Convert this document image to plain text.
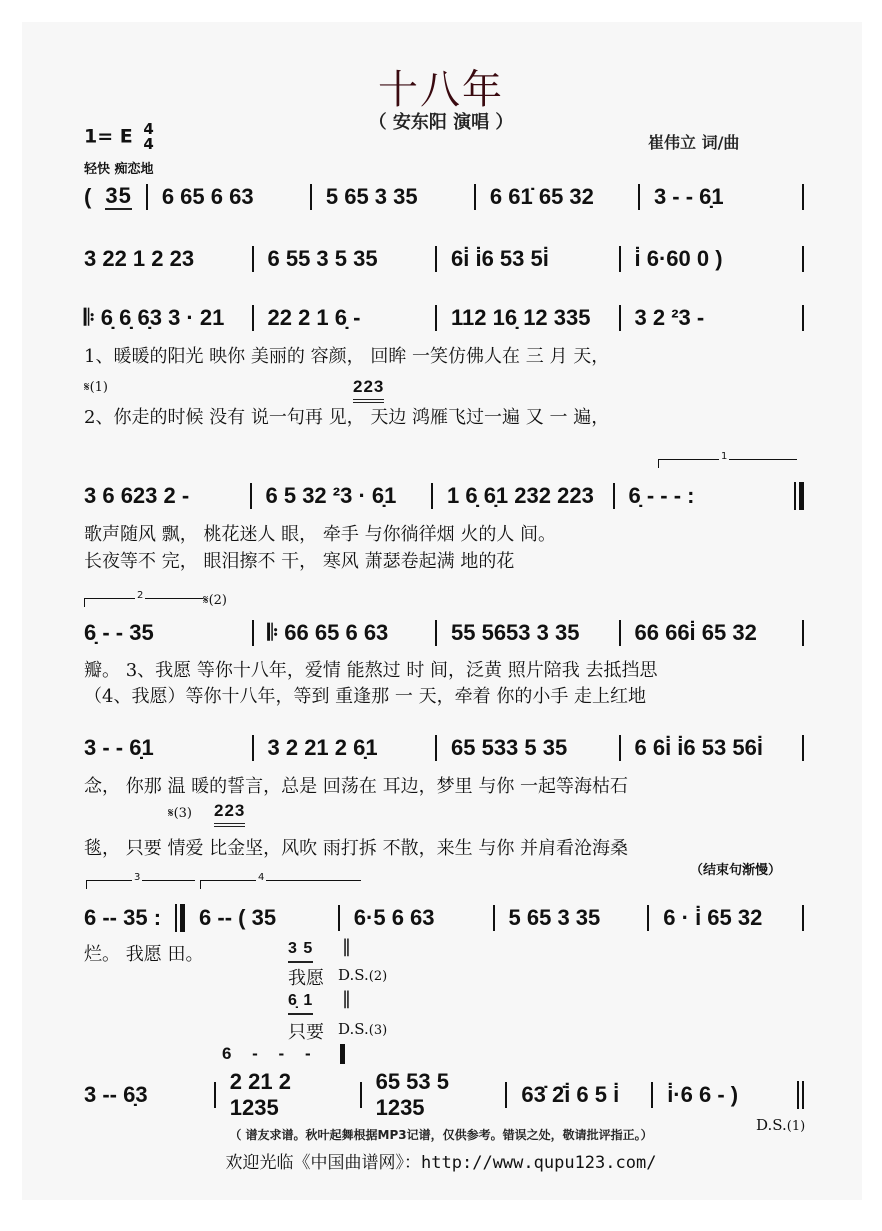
十八年
（ 安东阳 演唱 ）
1= E 4
4
轻快 痴恋地
崔伟立 词/曲
( 35 6 65 6 63	5 65 3 35	6 61̇ 65 32	3 - - 6̣1
3 22 1 2 23	6 55 3 5 35	6i̇ i̇6 53 5i̇	i̇ 6·60 0 )
𝄆 6̣ 6̣ 6̣3 3 · 21 22 2 1 6̣ -	112 16̣ 12 335 3 2 ²3 -
1、暖暖的阳光 映你 美丽的 容颜， 回眸 一笑仿佛人在 三 月 天，
𝄋(1)	223
2、你走的时候 没有 说一句再 见， 天边 鸿雁飞过一遍 又 一 遍，
1
3 6 623 2 -	6 5 32 ²3 · 6̣1 1 6̣ 6̣1 232 223 6̣ - - - :
歌声随风 飘， 桃花迷人 眼， 牵手 与你徜徉烟 火的人 间。
长夜等不 完， 眼泪擦不 干， 寒风 萧瑟卷起满 地的花
2	𝄋(2)
6̣ - - 35	𝄆 66 65 6 63	55 5653 3 35	66 66i̇ 65 32
瓣。 3、我愿 等你十八年，爱情 能熬过 时 间，泛黄 照片陪我 去抵挡思
（4、我愿）等你十八年，等到 重逢那 一 天，牵着 你的小手 走上红地
3 - - 6̣1	3 2 21 2 6̣1	65 533 5 35	6 6i̇ i̇6 53 56i̇
念， 你那 温 暖的誓言，总是 回荡在 耳边，梦里 与你 一起等海枯石
𝄋(3) 223
毯， 只要 情爱 比金坚，风吹 雨打拆 不散，来生 与你 并肩看沧海桑
（结束句渐慢）
3	4
6 -- 35 : 6 -- ( 35	6·5 6 63	5 65 3 35	6 · i̇ 65 32
烂。 我愿 田。	3 5 ‖
我愿 D.S.(2)
6̣ 1 ‖
只要 D.S.(3)
6 - - -
3 -- 6̣3
2 21 2 1235
65 53 5 1235
63̇ 2̇i̇ 6 5 i̇ i̇·6 6 - )
D.S.(1)
（ 谱友求谱。秋叶起舞根据MP3记谱，仅供参考。错误之处，敬请批评指正。）
欢迎光临《中国曲谱网》：http://www.qupu123.com/
